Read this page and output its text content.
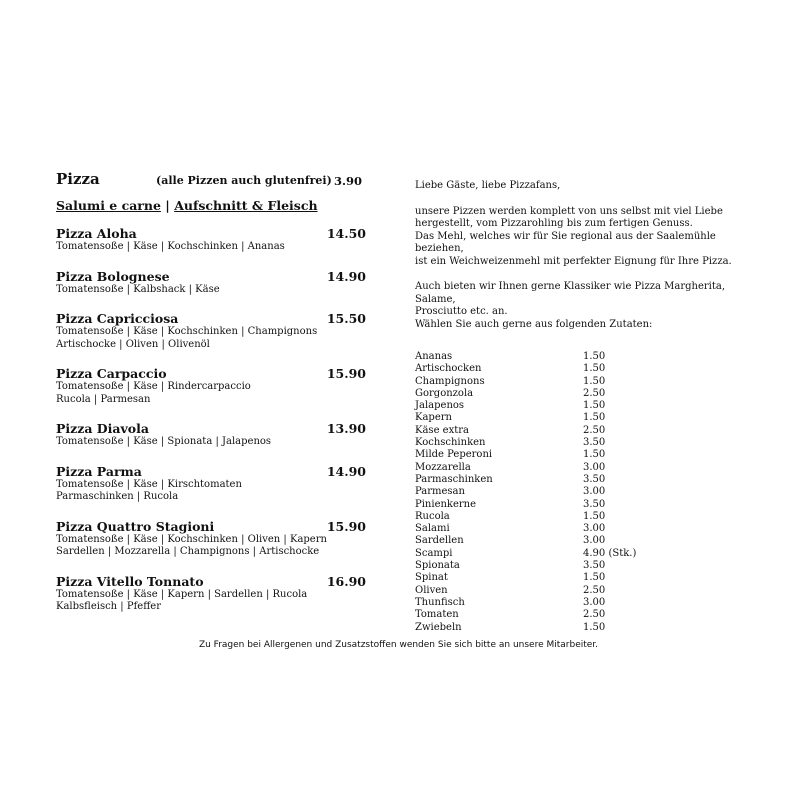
Pizza	(alle Pizzen auch glutenfrei) 3.90
Salumi e carne | Aufschnitt & Fleisch
Pizza Aloha	14.50
Tomatensoße | Käse | Kochschinken | Ananas
Pizza Bolognese	14.90
Tomatensoße | Kalbshack | Käse
Pizza Capricciosa	15.50
Tomatensoße | Käse | Kochschinken | Champignons
Artischocke | Oliven | Olivenöl
Pizza Carpaccio	15.90
Tomatensoße | Käse | Rindercarpaccio
Rucola | Parmesan
Pizza Diavola	13.90
Tomatensoße | Käse | Spionata | Jalapenos
Pizza Parma	14.90
Tomatensoße | Käse | Kirschtomaten
Parmaschinken | Rucola
Pizza Quattro Stagioni	15.90
Tomatensoße | Käse | Kochschinken | Oliven | Kapern
Sardellen | Mozzarella | Champignons | Artischocke
Pizza Vitello Tonnato	16.90
Tomatensoße | Käse | Kapern | Sardellen | Rucola
Kalbsfleisch | Pfeffer

Liebe Gäste, liebe Pizzafans,

unsere Pizzen werden komplett von uns selbst mit viel Liebe
hergestellt, vom Pizzarohling bis zum fertigen Genuss.
Das Mehl, welches wir für Sie regional aus der Saalemühle beziehen,
ist ein Weichweizenmehl mit perfekter Eignung für Ihre Pizza.
Auch bieten wir Ihnen gerne Klassiker wie Pizza Margherita, Salame,
Prosciutto etc. an.
Wählen Sie auch gerne aus folgenden Zutaten:
Ananas	1.50
Artischocken	1.50
Champignons	1.50
Gorgonzola	2.50
Jalapenos	1.50
Kapern	1.50
Käse extra	2.50
Kochschinken	3.50
Milde Peperoni	1.50
Mozzarella	3.00
Parmaschinken	3.50
Parmesan	3.00
Pinienkerne	3.50
Rucola	1.50
Salami	3.00
Sardellen	3.00
Scampi	4.90 (Stk.)
Spionata	3.50
Spinat	1.50
Oliven	2.50
Thunfisch	3.00
Tomaten	2.50
Zwiebeln	1.50
Zu Fragen bei Allergenen und Zusatzstoffen wenden Sie sich bitte an unsere Mitarbeiter.
